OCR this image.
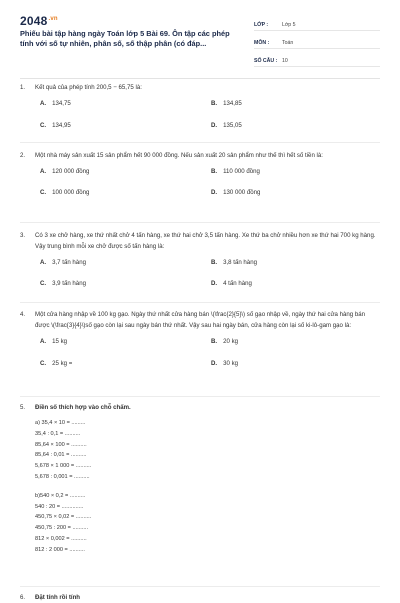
$2048^{.vn}$
Phiếu bài tập hàng ngày Toán lớp 5 Bài 69. Ôn tập các phép tính với số tự nhiên, phân số, số thập phân (có đáp...
LỚP :	Lớp 5
MÔN :	Toán
SỐ CÂU : 10
1. Kết quả của phép tính 200,5 − 65,75 là:
A. 134,75	B. 134,85
C. 134,95	D. 135,05
2. Một nhà máy sản xuất 15 sản phẩm hết 90 000 đồng. Nếu sản xuất 20 sản phẩm như thế thì hết số tiền là:
A. 120 000 đồng	B. 110 000 đồng
C. 100 000 đồng	D. 130 000 đồng
3. Có 3 xe chở hàng, xe thứ nhất chở 4 tấn hàng, xe thứ hai chở 3,5 tấn hàng. Xe thứ ba chở nhiều hơn xe thứ hai 700 kg hàng. Vậy trung bình mỗi xe chở được số tấn hàng là:
A. 3,7 tấn hàng	B. 3,8 tấn hàng
C. 3,9 tấn hàng	D. 4 tấn hàng
4. Một cửa hàng nhập về 100 kg gạo. Ngày thứ nhất cửa hàng bán \(\frac{2}{5}\) số gạo nhập về, ngày thứ hai cửa hàng bán được \(\frac{3}{4}\)số gạo còn lại sau ngày bán thứ nhất. Vậy sau hai ngày bán, cửa hàng còn lại số ki-lô-gam gạo là:
A. 15 kg	B. 20 kg
C. 25 kg =	D. 30 kg
5. Điền số thích hợp vào chỗ chấm.
a) 35,4 × 10 = .........
35,4 : 0,1 = ..........
85,64 × 100 = ..........
85,64 : 0,01 = ..........
5,678 × 1 000 = ..........
5,678 : 0,001 = ..........
b)540 × 0,2 = ..........
540 : 20 = ..............
450,75 × 0,02 = ..........
450,75 : 200 = ..........
812 × 0,002 = ..........
812 : 2 000 = ..........
6. Đặt tính rồi tính
